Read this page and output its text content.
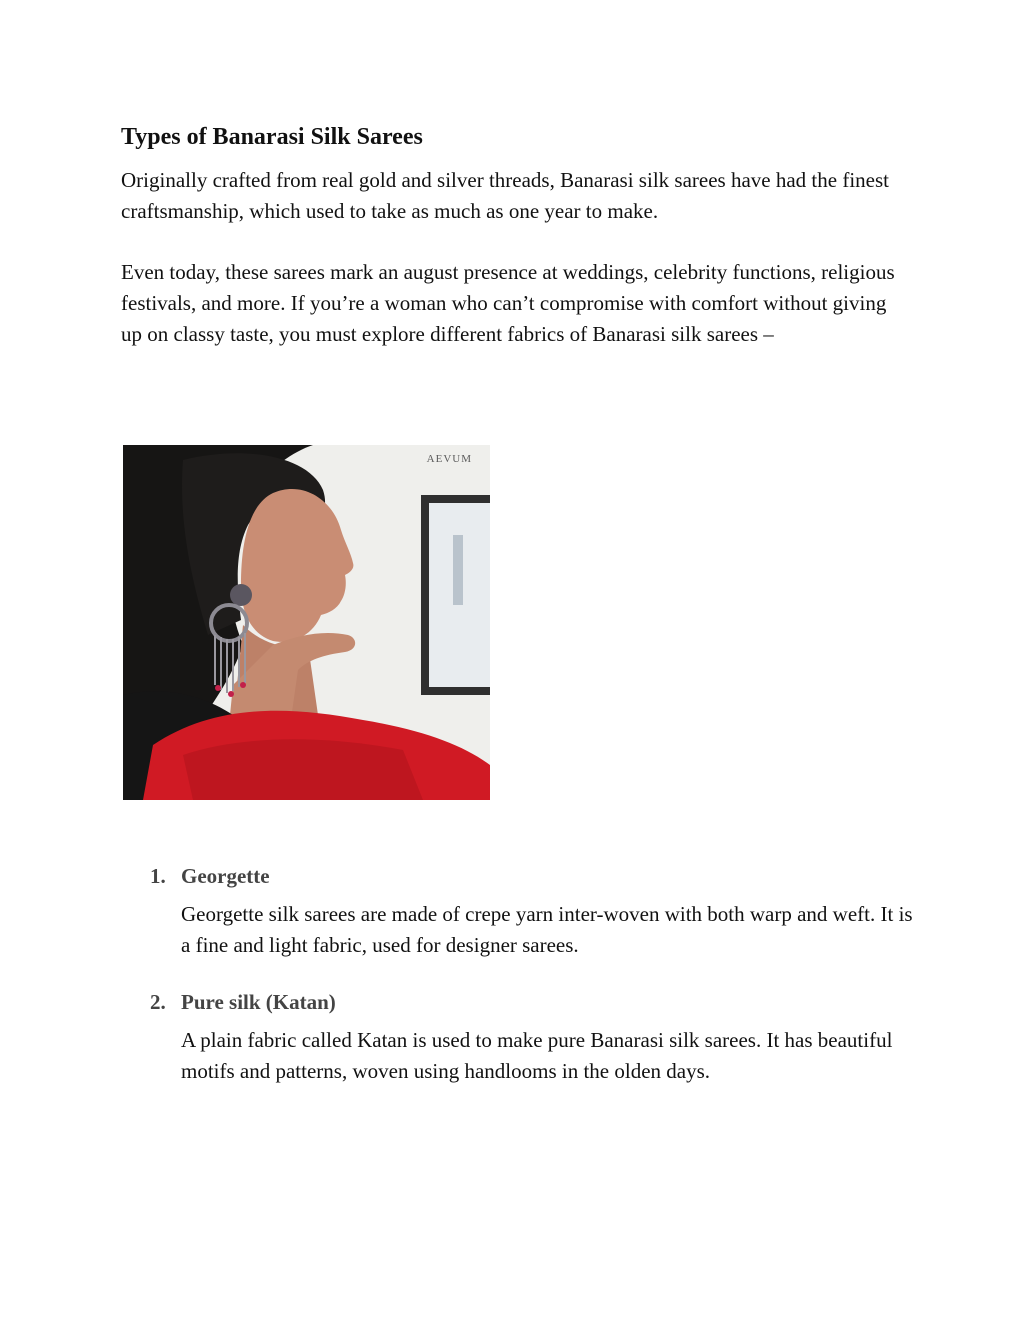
Types of Banarasi Silk Sarees

Originally crafted from real gold and silver threads, Banarasi silk sarees have had the finest craftsmanship, which used to take as much as one year to make.

Even today, these sarees mark an august presence at weddings, celebrity functions, religious festivals, and more. If you’re a woman who can’t compromise with comfort without giving up on classy taste, you must explore different fabrics of Banarasi silk sarees –

AEVUM
1. Georgette

Georgette silk sarees are made of crepe yarn inter-woven with both warp and weft. It is a fine and light fabric, used for designer sarees.

2. Pure silk (Katan)

A plain fabric called Katan is used to make pure Banarasi silk sarees. It has beautiful motifs and patterns, woven using handlooms in the olden days.
